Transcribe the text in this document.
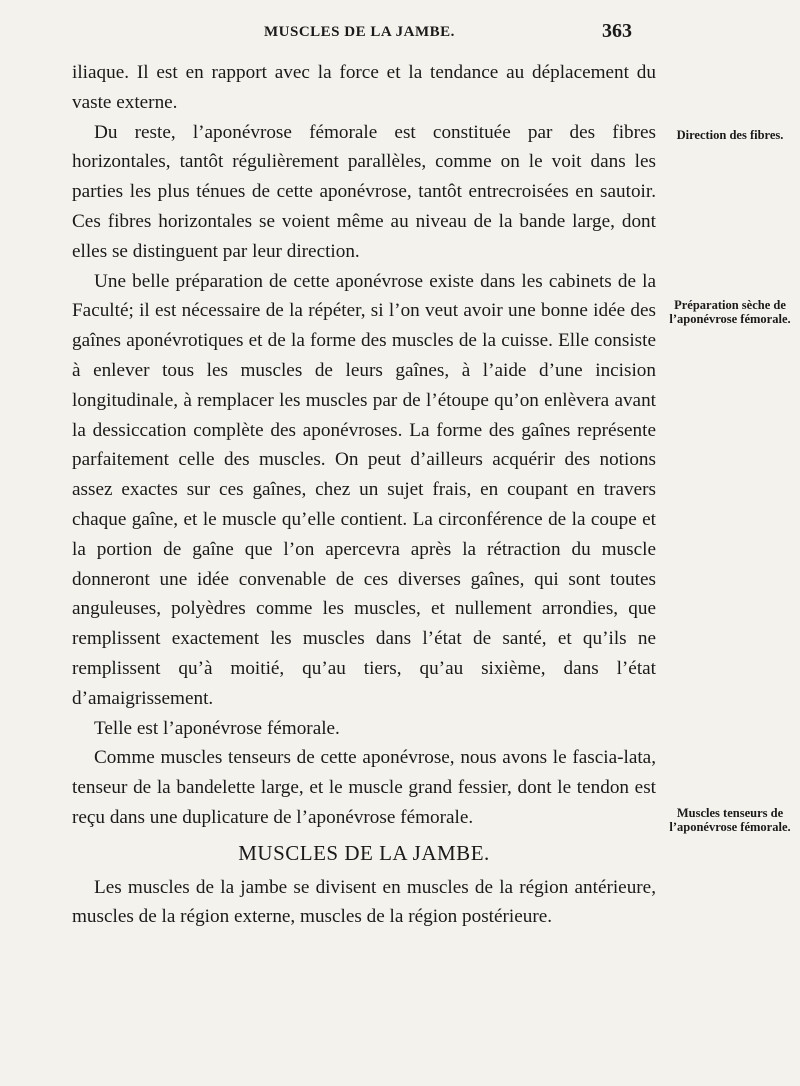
MUSCLES DE LA JAMBE.	363

iliaque. Il est en rapport avec la force et la tendance au déplacement du vaste externe.

Du reste, l’aponévrose fémorale est constituée par des fibres horizontales, tantôt régulièrement parallèles, comme on le voit dans les parties les plus ténues de cette aponévrose, tantôt entrecroisées en sautoir. Ces fibres horizontales se voient même au niveau de la bande large, dont elles se distinguent par leur direction.

Une belle préparation de cette aponévrose existe dans les cabinets de la Faculté; il est nécessaire de la répéter, si l’on veut avoir une bonne idée des gaînes aponévrotiques et de la forme des muscles de la cuisse. Elle consiste à enlever tous les muscles de leurs gaînes, à l’aide d’une incision longitudinale, à remplacer les muscles par de l’étoupe qu’on enlèvera avant la dessiccation complète des aponévroses. La forme des gaînes représente parfaitement celle des muscles. On peut d’ailleurs acquérir des notions assez exactes sur ces gaînes, chez un sujet frais, en coupant en travers chaque gaîne, et le muscle qu’elle contient. La circonférence de la coupe et la portion de gaîne que l’on apercevra après la rétraction du muscle donneront une idée convenable de ces diverses gaînes, qui sont toutes anguleuses, polyèdres comme les muscles, et nullement arrondies, que remplissent exactement les muscles dans l’état de santé, et qu’ils ne remplissent qu’à moitié, qu’au tiers, qu’au sixième, dans l’état d’amaigrissement.

Telle est l’aponévrose fémorale.

Comme muscles tenseurs de cette aponévrose, nous avons le fascia-lata, tenseur de la bandelette large, et le muscle grand fessier, dont le tendon est reçu dans une duplicature de l’aponévrose fémorale.

MUSCLES DE LA JAMBE.

Les muscles de la jambe se divisent en muscles de la région antérieure, muscles de la région externe, muscles de la région postérieure.

Direction des fibres.
Préparation sèche de l’aponévrose fémorale.
Muscles tenseurs de l’aponévrose fémorale.
